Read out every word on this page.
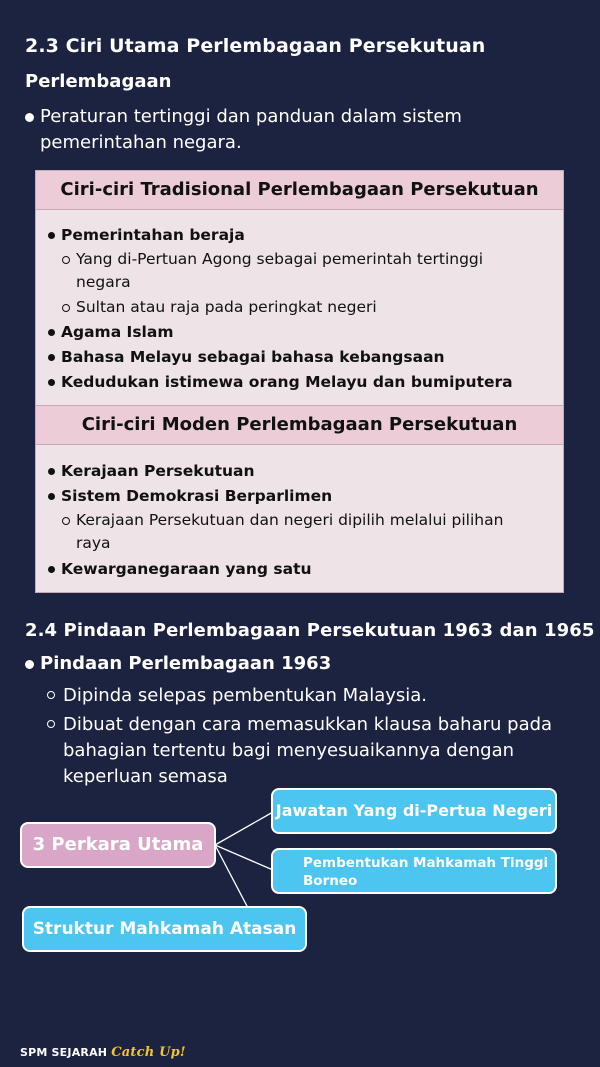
2.3 Ciri Utama Perlembagaan Persekutuan
Perlembagaan
Peraturan tertinggi dan panduan dalam sistem
pemerintahan negara.
Ciri-ciri Tradisional Perlembagaan Persekutuan
Pemerintahan beraja
Yang di-Pertuan Agong sebagai pemerintah tertinggi
negara
Sultan atau raja pada peringkat negeri
Agama Islam
Bahasa Melayu sebagai bahasa kebangsaan
Kedudukan istimewa orang Melayu dan bumiputera
Ciri-ciri Moden Perlembagaan Persekutuan
Kerajaan Persekutuan
Sistem Demokrasi Berparlimen
Kerajaan Persekutuan dan negeri dipilih melalui pilihan
raya
Kewarganegaraan yang satu
2.4 Pindaan Perlembagaan Persekutuan 1963 dan 1965
Pindaan Perlembagaan 1963
Dipinda selepas pembentukan Malaysia.
Dibuat dengan cara memasukkan klausa baharu pada
bahagian tertentu bagi menyesuaikannya dengan
keperluan semasa
3 Perkara Utama
Jawatan Yang di-Pertua Negeri
Pembentukan Mahkamah Tinggi
Borneo
Struktur Mahkamah Atasan
SPM SEJARAH Catch Up!
